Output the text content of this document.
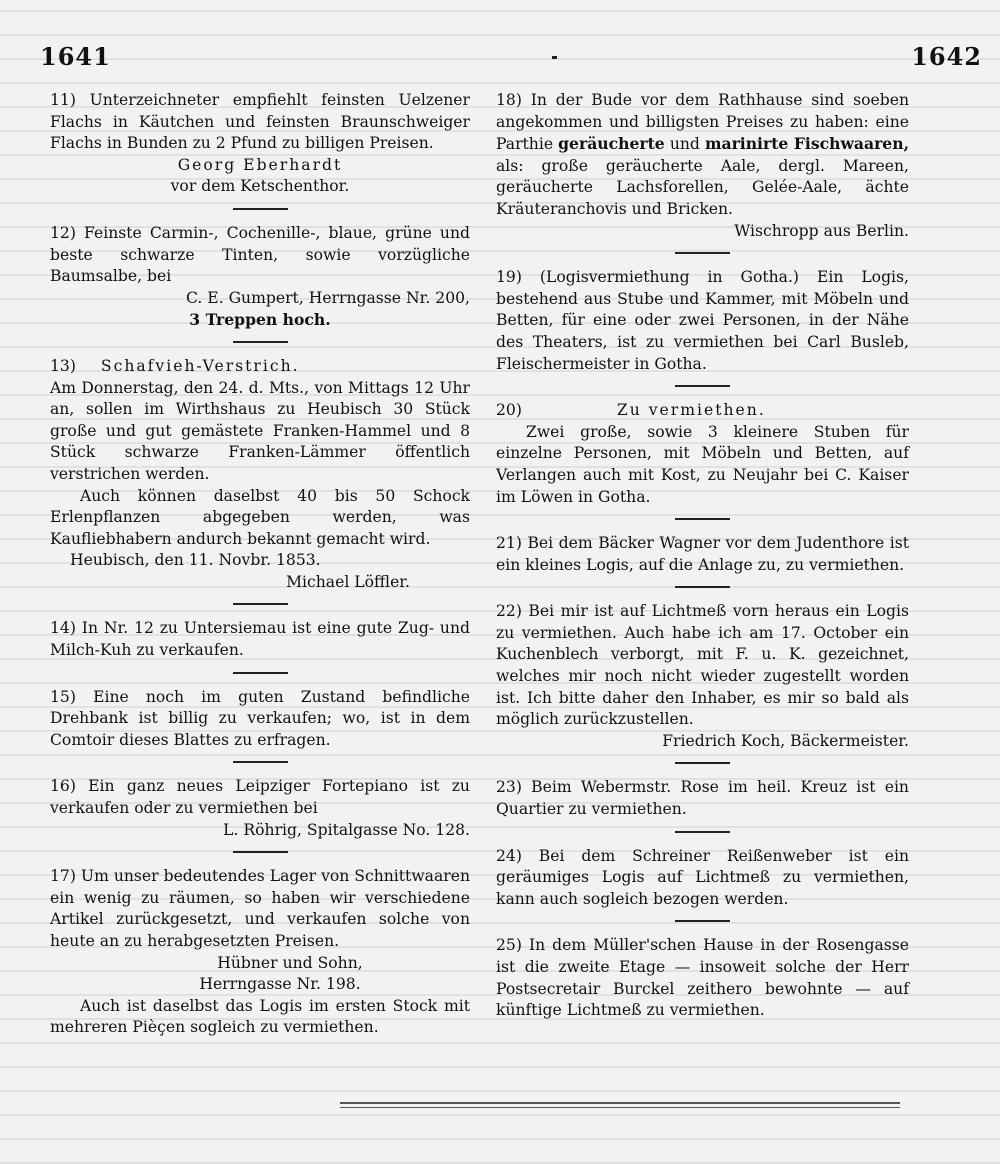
1641	1642

11) Unterzeichneter empfiehlt feinsten Uelzener Flachs in Käutchen und feinsten Braunschweiger Flachs in Bunden zu 2 Pfund zu billigen Preisen.

Georg Eberhardt

vor dem Ketschenthor.

12) Feinste Carmin-, Cochenille-, blaue, grüne und beste schwarze Tinten, sowie vorzügliche Baumsalbe, bei

C. E. Gumpert, Herrngasse Nr. 200,

3 Treppen hoch.

13) Schafvieh-Verstrich.

Am Donnerstag, den 24. d. Mts., von Mittags 12 Uhr an, sollen im Wirthshaus zu Heubisch 30 Stück große und gut gemästete Franken-Hammel und 8 Stück schwarze Franken-Lämmer öffentlich verstrichen werden.

Auch können daselbst 40 bis 50 Schock Erlenpflanzen abgegeben werden, was Kaufliebhabern andurch bekannt gemacht wird.

Heubisch, den 11. Novbr. 1853.

Michael Löffler.

14) In Nr. 12 zu Untersiemau ist eine gute Zug- und Milch-Kuh zu verkaufen.

15) Eine noch im guten Zustand befindliche Drehbank ist billig zu verkaufen; wo, ist in dem Comtoir dieses Blattes zu erfragen.

16) Ein ganz neues Leipziger Fortepiano ist zu verkaufen oder zu vermiethen bei

L. Röhrig, Spitalgasse No. 128.

17) Um unser bedeutendes Lager von Schnittwaaren ein wenig zu räumen, so haben wir verschiedene Artikel zurückgesetzt, und verkaufen solche von heute an zu herabgesetzten Preisen.

Hübner und Sohn,

Herrngasse Nr. 198.

Auch ist daselbst das Logis im ersten Stock mit mehreren Pièçen sogleich zu vermiethen.

18) In der Bude vor dem Rathhause sind soeben angekommen und billigsten Preises zu haben: eine Parthie geräucherte und marinirte Fischwaaren, als: große geräucherte Aale, dergl. Mareen, geräucherte Lachsforellen, Gelée-Aale, ächte Kräuteranchovis und Bricken.

Wischropp aus Berlin.

19) (Logisvermiethung in Gotha.) Ein Logis, bestehend aus Stube und Kammer, mit Möbeln und Betten, für eine oder zwei Personen, in der Nähe des Theaters, ist zu vermiethen bei Carl Busleb, Fleischermeister in Gotha.

20)	Zu vermiethen.

Zwei große, sowie 3 kleinere Stuben für einzelne Personen, mit Möbeln und Betten, auf Verlangen auch mit Kost, zu Neujahr bei C. Kaiser im Löwen in Gotha.

21) Bei dem Bäcker Wagner vor dem Judenthore ist ein kleines Logis, auf die Anlage zu, zu vermiethen.

22) Bei mir ist auf Lichtmeß vorn heraus ein Logis zu vermiethen. Auch habe ich am 17. October ein Kuchenblech verborgt, mit F. u. K. gezeichnet, welches mir noch nicht wieder zugestellt worden ist. Ich bitte daher den Inhaber, es mir so bald als möglich zurückzustellen.

Friedrich Koch, Bäckermeister.

23) Beim Webermstr. Rose im heil. Kreuz ist ein Quartier zu vermiethen.

24) Bei dem Schreiner Reißenweber ist ein geräumiges Logis auf Lichtmeß zu vermiethen, kann auch sogleich bezogen werden.

25) In dem Müller'schen Hause in der Rosengasse ist die zweite Etage — insoweit solche der Herr Postsecretair Burckel zeithero bewohnte — auf künftige Lichtmeß zu vermiethen.
